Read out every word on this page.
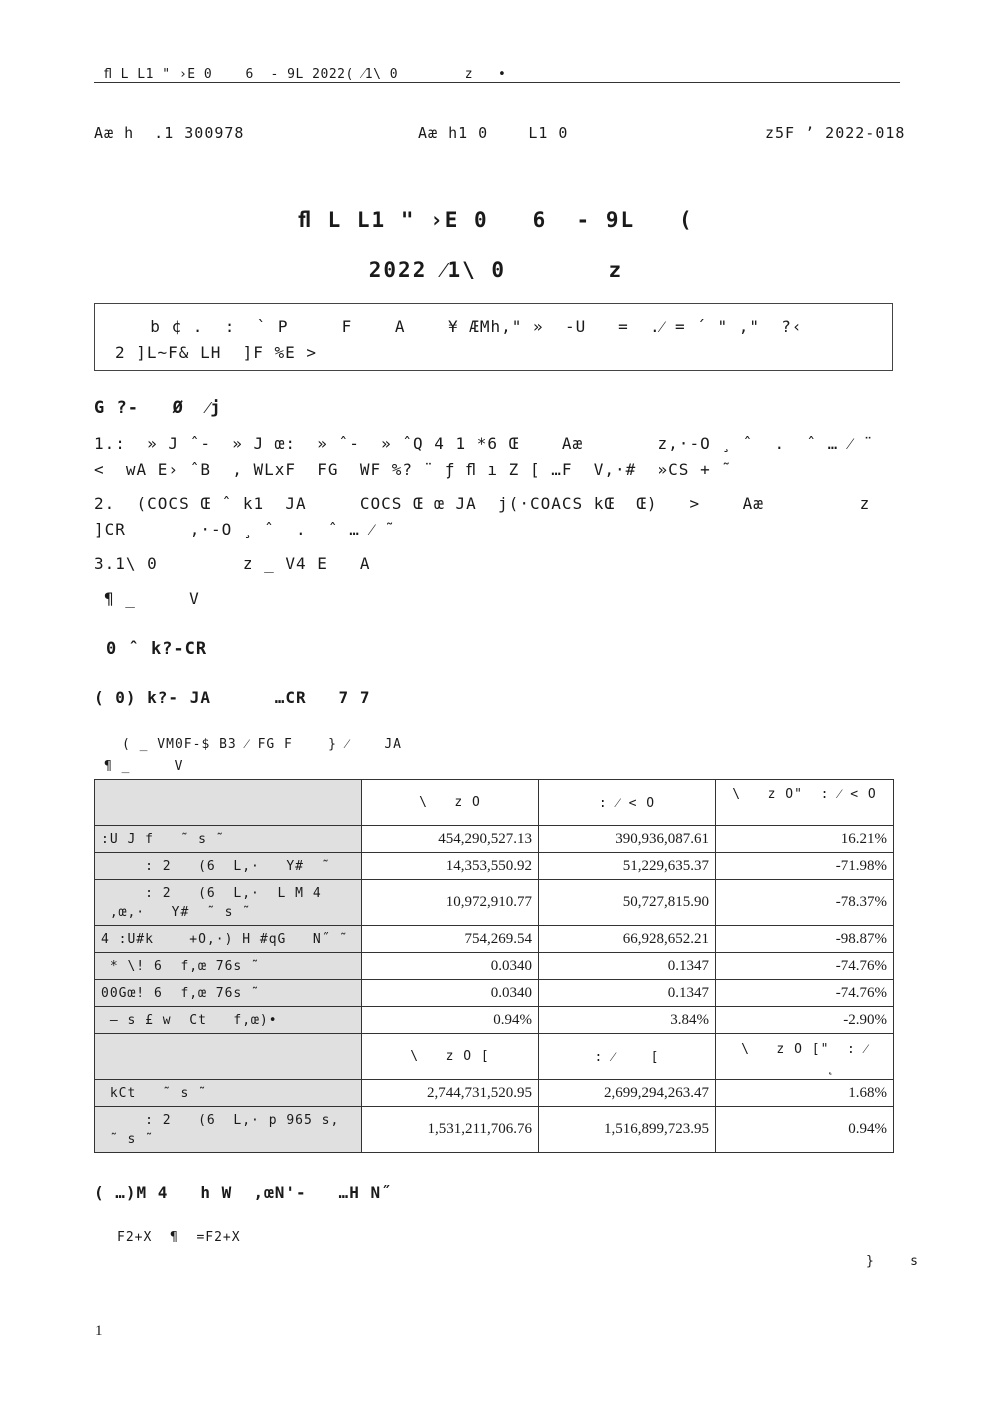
ﬂ L L1 " ›E 0    6  - 9L 2022( ⁄1\ 0        z   •
Aæ h  .1 300978	Aæ h1 0    L1 0	z5F ’ 2022-018
ﬂ L L1 " ›E 0   6  - 9L   (
2022 ⁄1\ 0       z
b ¢ .  :  ` P     F    A    ¥ ÆMh," »  -U   =  .⁄ = ´ " ,"  ?‹
2 ]L~F& LH  ]F %E >
G ?-   Ø  ⁄j
1.:  » J ˆ-  » J œ:  » ˆ-  » ˆQ 4 1 *6 Œ    Aæ       z,·-O ¸ ˆ  .  ˆ … ⁄ ¨
<  wA E› ˆB  , WLxF  FG  WF %? ¨ ƒ ﬂ ı Z [ …F  V,·#  »CS + ˜
2.  (COCS Œ ˆ k1  JA     COCS Œ œ JA  j(·COACS kŒ  Œ)   >    Aæ         z
]CR      ,·-O ¸ ˆ  .  ˆ … ⁄ ˜
3.1\ 0        z _ V4 E   A
¶ _     V
0 ˆ k?-CR
( 0) k?- JA      …CR   7 7
( _ VM0F-$ B3 ⁄ FG F    } ⁄    JA
¶ _     V
	\   z O	: ⁄ < O	\   z O"  : ⁄ < O
:U J f   ˜ s ˜	454,290,527.13	390,936,087.61	16.21%
: 2   (6  L,·   Y#  ˜	14,353,550.92	51,229,635.37	-71.98%
: 2   (6  L,·  L M 4
,œ,·   Y#  ˜ s ˜	10,972,910.77	50,727,815.90	-78.37%
4 :U#k    +O,·) H #qG   N˝ ˜	754,269.54	66,928,652.21	-98.87%
* \! 6  f,œ 76s ˜	0.0340	0.1347	-74.76%
00Gœ! 6  f,œ 76s ˜	0.0340	0.1347	-74.76%
— s £ w  Ct   f,œ)•	0.94%	3.84%	-2.90%
	\   z O [	: ⁄    [	\   z O ["  : ⁄
˛
kCt   ˜ s ˜	2,744,731,520.95	2,699,294,263.47	1.68%
: 2   (6  L,· p 965 s,
˜ s ˜	1,531,211,706.76	1,516,899,723.95	0.94%
( …)M 4   h W  ,œN'-   …H N˝
F2+X  ¶  =F2+X
}    s
1
